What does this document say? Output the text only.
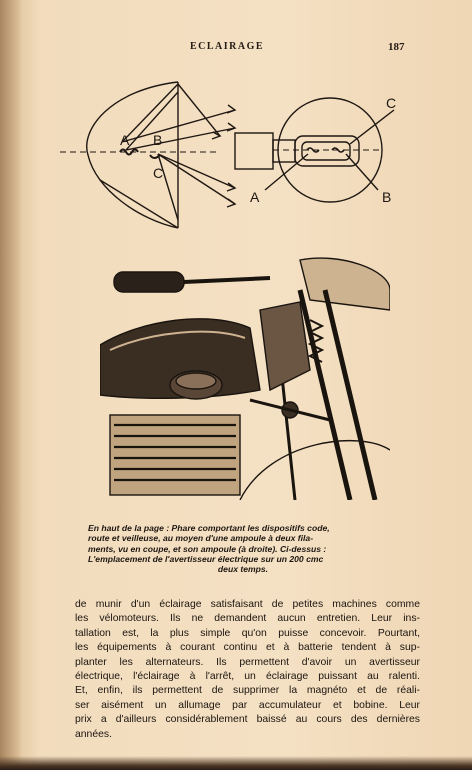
ECLAIRAGE	187
A B
C
A	B
C
En haut de la page : Phare comportant les dispositifs code,
route et veilleuse, au moyen d'une ampoule à deux fila-
ments, vu en coupe, et son ampoule (à droite). Ci-dessus :
L'emplacement de l'avertisseur électrique sur un 200 cmc
deux temps.
de munir d'un éclairage satisfaisant de petites machines comme
les vélomoteurs. Ils ne demandent aucun entretien. Leur ins-
tallation est, la plus simple qu'on puisse concevoir. Pourtant,
les équipements à courant continu et à batterie tendent à sup-
planter les alternateurs. Ils permettent d'avoir un avertisseur
électrique, l'éclairage à l'arrêt, un éclairage puissant au ralenti.
Et, enfin, ils permettent de supprimer la magnéto et de réali-
ser aisément un allumage par accumulateur et bobine. Leur
prix a d'ailleurs considérablement baissé au cours des dernières
années.
